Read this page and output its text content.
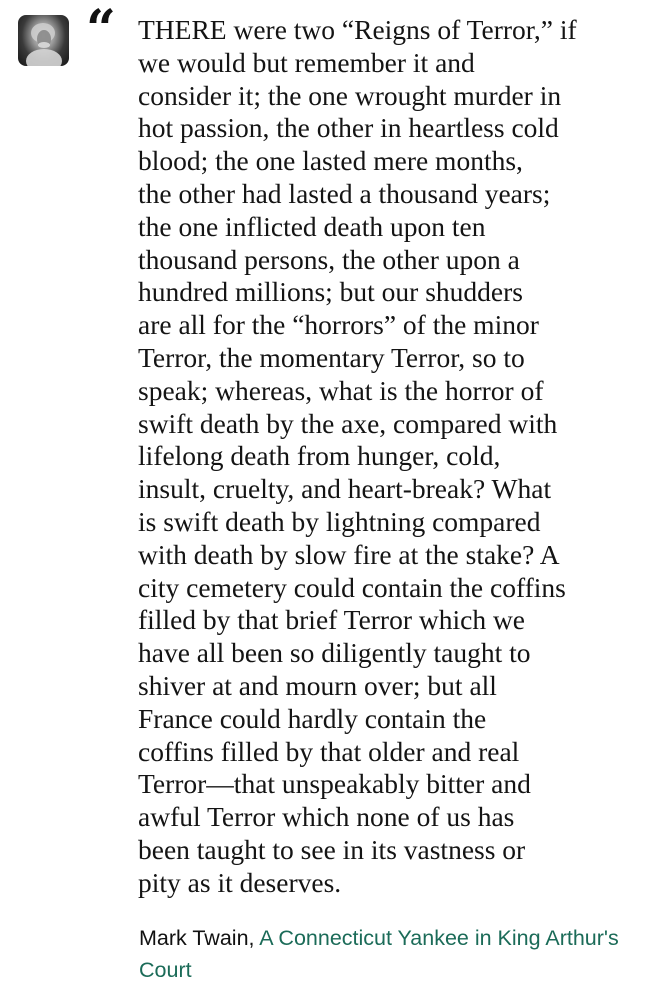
“ THERE were two “Reigns of Terror,” if
we would but remember it and
consider it; the one wrought murder in
hot passion, the other in heartless cold
blood; the one lasted mere months,
the other had lasted a thousand years;
the one inflicted death upon ten
thousand persons, the other upon a
hundred millions; but our shudders
are all for the “horrors” of the minor
Terror, the momentary Terror, so to
speak; whereas, what is the horror of
swift death by the axe, compared with
lifelong death from hunger, cold,
insult, cruelty, and heart-break? What
is swift death by lightning compared
with death by slow fire at the stake? A
city cemetery could contain the coffins
filled by that brief Terror which we
have all been so diligently taught to
shiver at and mourn over; but all
France could hardly contain the
coffins filled by that older and real
Terror—that unspeakably bitter and
awful Terror which none of us has
been taught to see in its vastness or
pity as it deserves.

Mark Twain, A Connecticut Yankee in King Arthur's Court
